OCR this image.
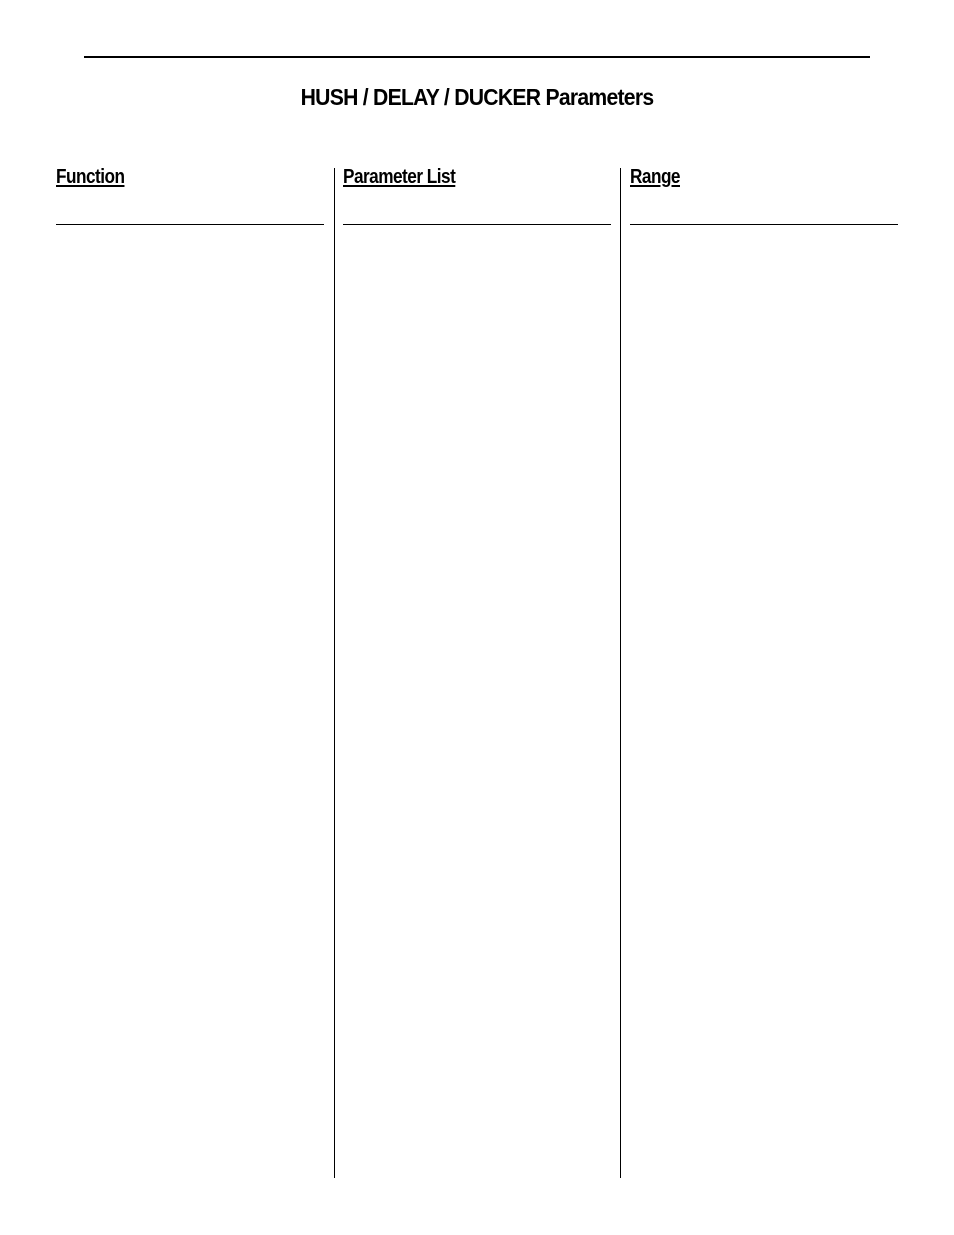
HUSH / DELAY / DUCKER Parameters
Function	Parameter List	Range
